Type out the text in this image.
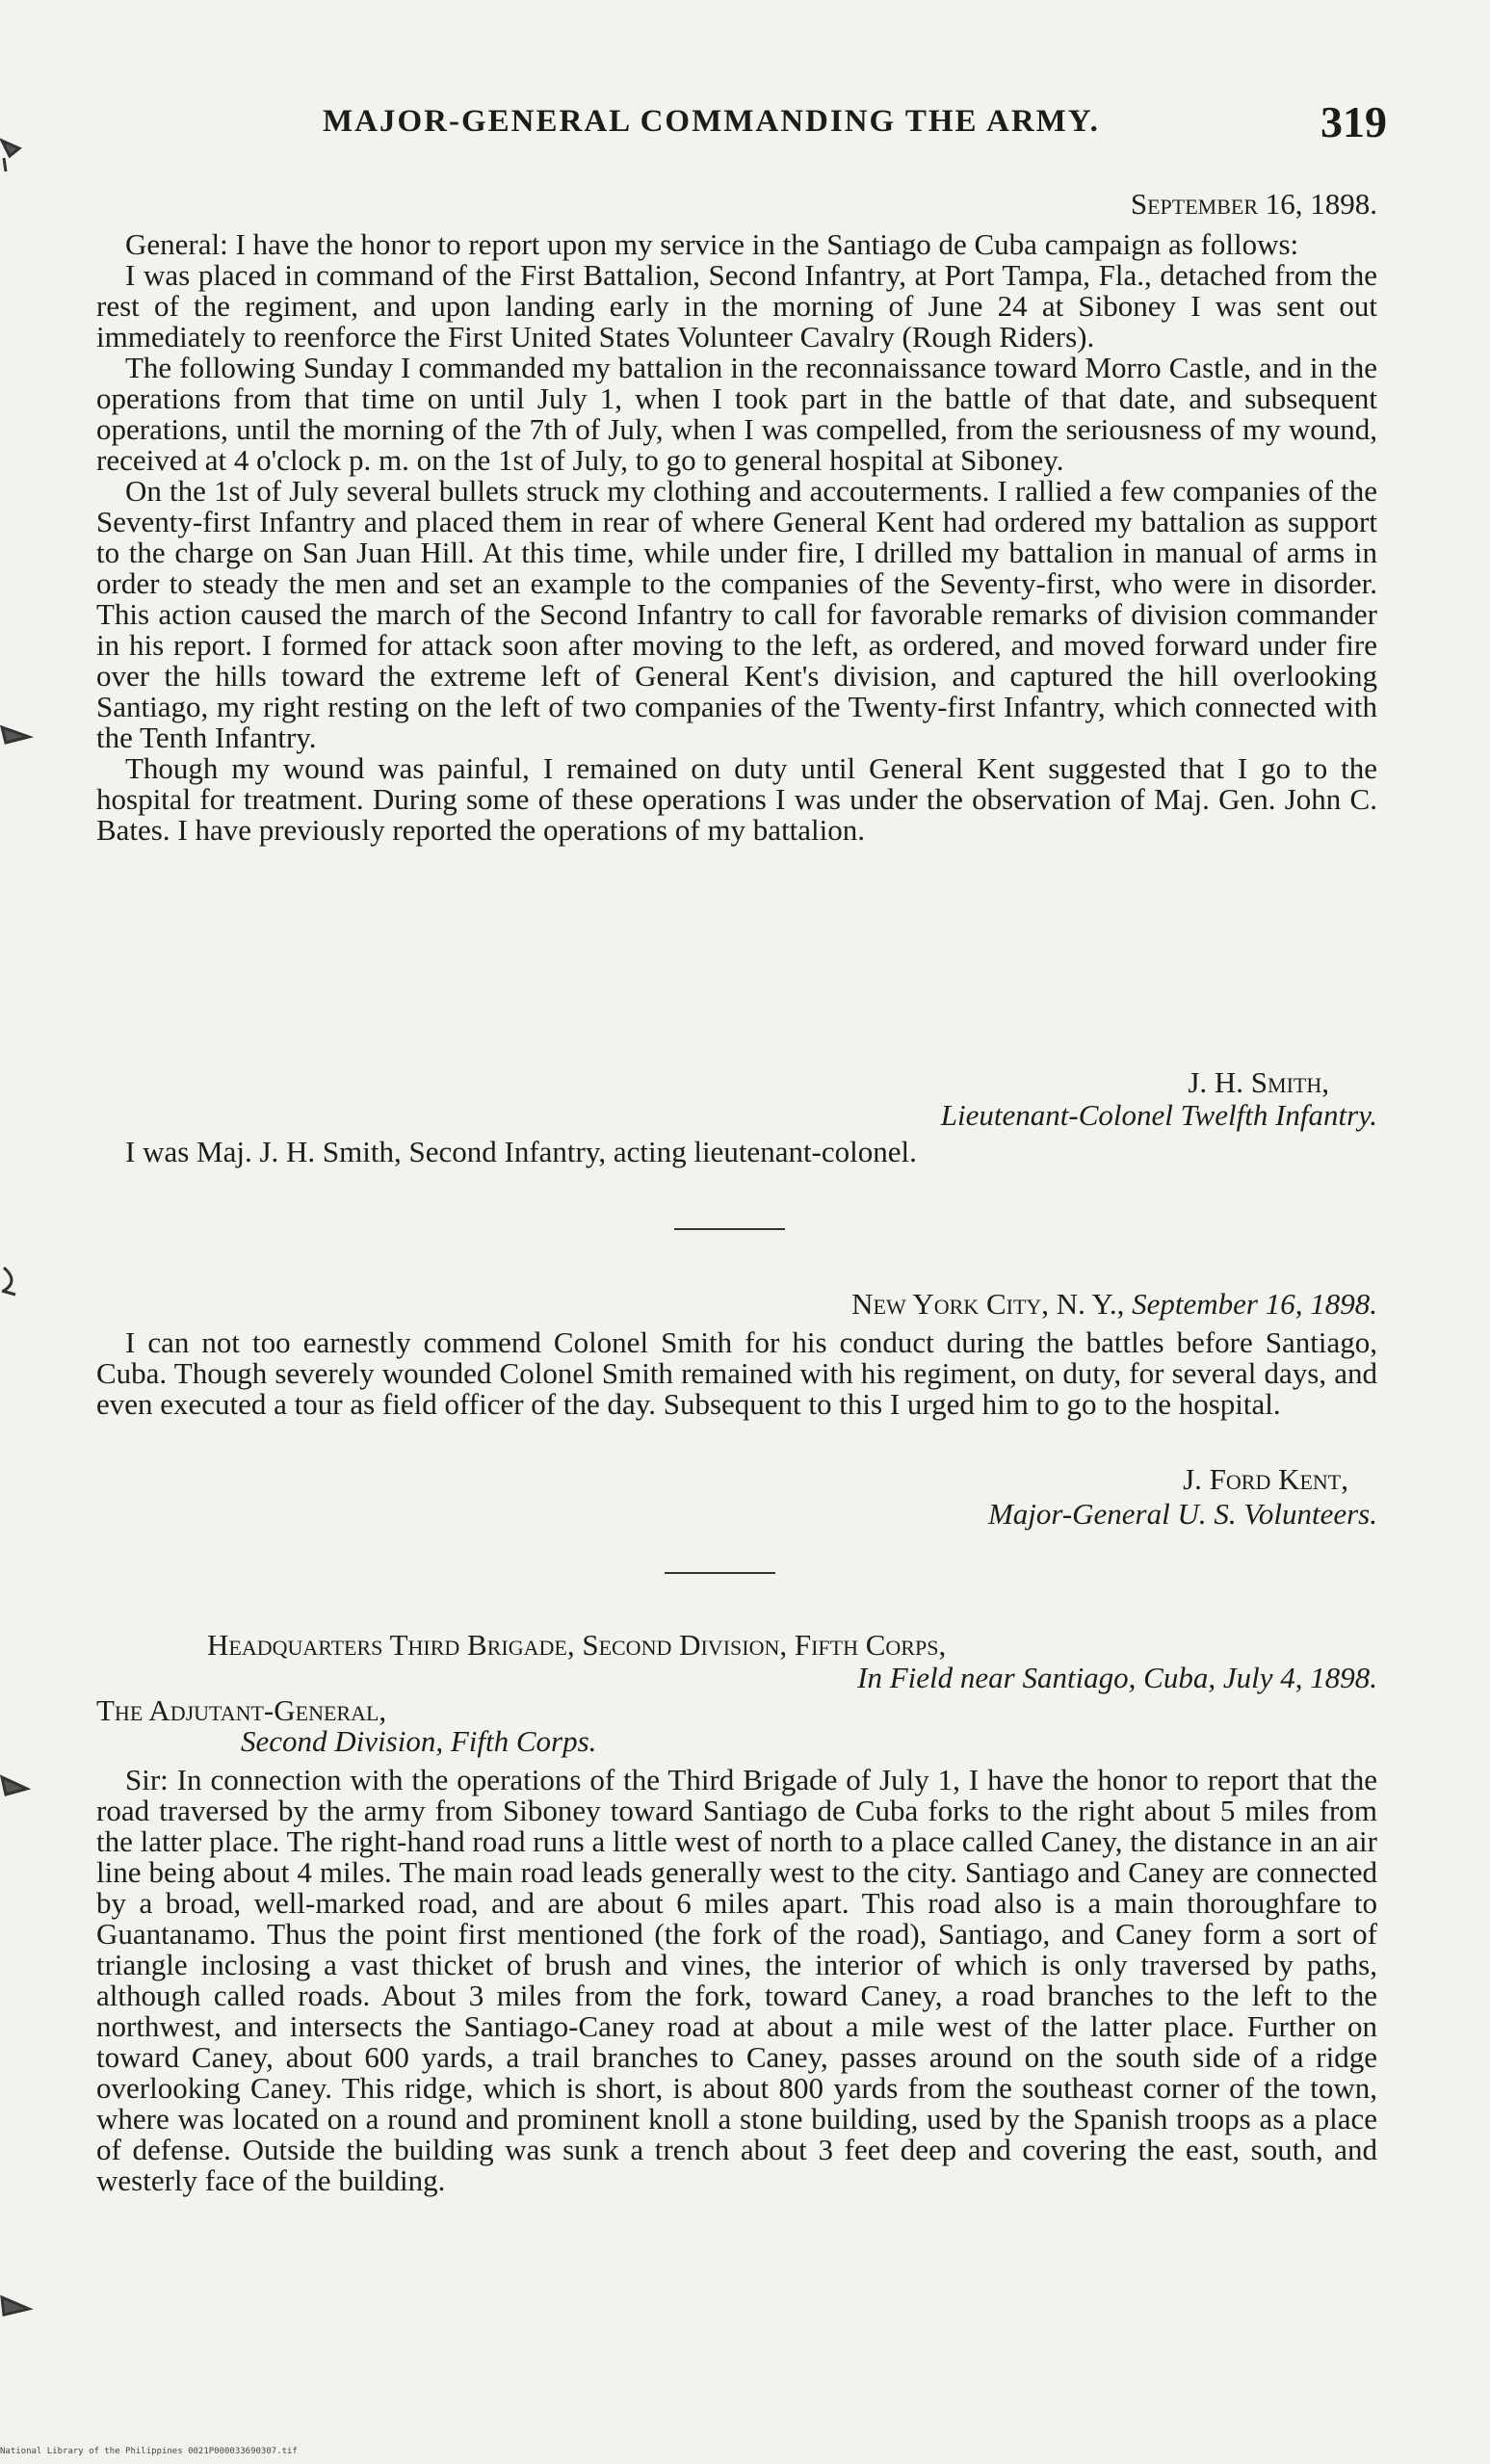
MAJOR-GENERAL COMMANDING THE ARMY.	319
September 16, 1898.

General: I have the honor to report upon my service in the Santiago de Cuba campaign as follows:

I was placed in command of the First Battalion, Second Infantry, at Port Tampa, Fla., detached from the rest of the regiment, and upon landing early in the morning of June 24 at Siboney I was sent out immediately to reenforce the First United States Volunteer Cavalry (Rough Riders).

The following Sunday I commanded my battalion in the reconnaissance toward Morro Castle, and in the operations from that time on until July 1, when I took part in the battle of that date, and subsequent operations, until the morning of the 7th of July, when I was compelled, from the seriousness of my wound, received at 4 o'clock p. m. on the 1st of July, to go to general hospital at Siboney.

On the 1st of July several bullets struck my clothing and accouterments. I rallied a few companies of the Seventy-first Infantry and placed them in rear of where General Kent had ordered my battalion as support to the charge on San Juan Hill. At this time, while under fire, I drilled my battalion in manual of arms in order to steady the men and set an example to the companies of the Seventy-first, who were in disorder. This action caused the march of the Second Infantry to call for favorable remarks of division commander in his report. I formed for attack soon after moving to the left, as ordered, and moved forward under fire over the hills toward the extreme left of General Kent's division, and captured the hill overlooking Santiago, my right resting on the left of two companies of the Twenty-first Infantry, which connected with the Tenth Infantry.

Though my wound was painful, I remained on duty until General Kent suggested that I go to the hospital for treatment. During some of these operations I was under the observation of Maj. Gen. John C. Bates. I have previously reported the operations of my battalion.

J. H. Smith,
Lieutenant-Colonel Twelfth Infantry.

I was Maj. J. H. Smith, Second Infantry, acting lieutenant-colonel.

New York City, N. Y., September 16, 1898.

I can not too earnestly commend Colonel Smith for his conduct during the battles before Santiago, Cuba. Though severely wounded Colonel Smith remained with his regiment, on duty, for several days, and even executed a tour as field officer of the day. Subsequent to this I urged him to go to the hospital.

J. Ford Kent,
Major-General U. S. Volunteers.
Headquarters Third Brigade, Second Division, Fifth Corps,
In Field near Santiago, Cuba, July 4, 1898.
The Adjutant-General,
Second Division, Fifth Corps.

Sir: In connection with the operations of the Third Brigade of July 1, I have the honor to report that the road traversed by the army from Siboney toward Santiago de Cuba forks to the right about 5 miles from the latter place. The right-hand road runs a little west of north to a place called Caney, the distance in an air line being about 4 miles. The main road leads generally west to the city. Santiago and Caney are connected by a broad, well-marked road, and are about 6 miles apart. This road also is a main thoroughfare to Guantanamo. Thus the point first mentioned (the fork of the road), Santiago, and Caney form a sort of triangle inclosing a vast thicket of brush and vines, the interior of which is only traversed by paths, although called roads. About 3 miles from the fork, toward Caney, a road branches to the left to the northwest, and intersects the Santiago-Caney road at about a mile west of the latter place. Further on toward Caney, about 600 yards, a trail branches to Caney, passes around on the south side of a ridge overlooking Caney. This ridge, which is short, is about 800 yards from the southeast corner of the town, where was located on a round and prominent knoll a stone building, used by the Spanish troops as a place of defense. Outside the building was sunk a trench about 3 feet deep and covering the east, south, and westerly face of the building.

National Library of the Philippines 0021P000033690307.tif
